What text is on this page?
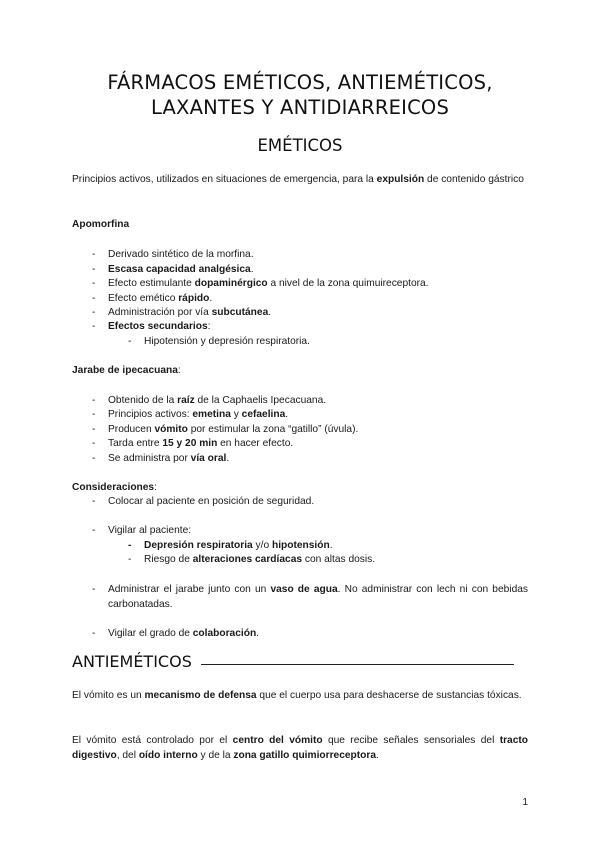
FÁRMACOS EMÉTICOS, ANTIEMÉTICOS,
LAXANTES Y ANTIDIARREICOS
EMÉTICOS
Principios activos, utilizados en situaciones de emergencia, para la expulsión de contenido gástrico
Apomorfina
- Derivado sintético de la morfina.
- Escasa capacidad analgésica.
- Efecto estimulante dopaminérgico a nivel de la zona quimuireceptora.
- Efecto emético rápido.
- Administración por vía subcutánea.
- Efectos secundarios:
- Hipotensión y depresión respiratoria.
Jarabe de ipecacuana:
- Obtenido de la raíz de la Caphaelis Ipecacuana.
- Principios activos: emetina y cefaelina.
- Producen vómito por estimular la zona “gatillo” (úvula).
- Tarda entre 15 y 20 min en hacer efecto.
- Se administra por vía oral.
Consideraciones:
- Colocar al paciente en posición de seguridad.
- Vigilar al paciente:
- Depresión respiratoria y/o hipotensión.
- Riesgo de alteraciones cardíacas con altas dosis.
- Administrar el jarabe junto con un vaso de agua. No administrar con lech ni con bebidas carbonatadas.
- Vigilar el grado de colaboración.
ANTIEMÉTICOS
El vómito es un mecanismo de defensa que el cuerpo usa para deshacerse de sustancias tóxicas.
El vómito está controlado por el centro del vómito que recibe señales sensoriales del tracto digestivo, del oído interno y de la zona gatillo quimiorreceptora.
1
